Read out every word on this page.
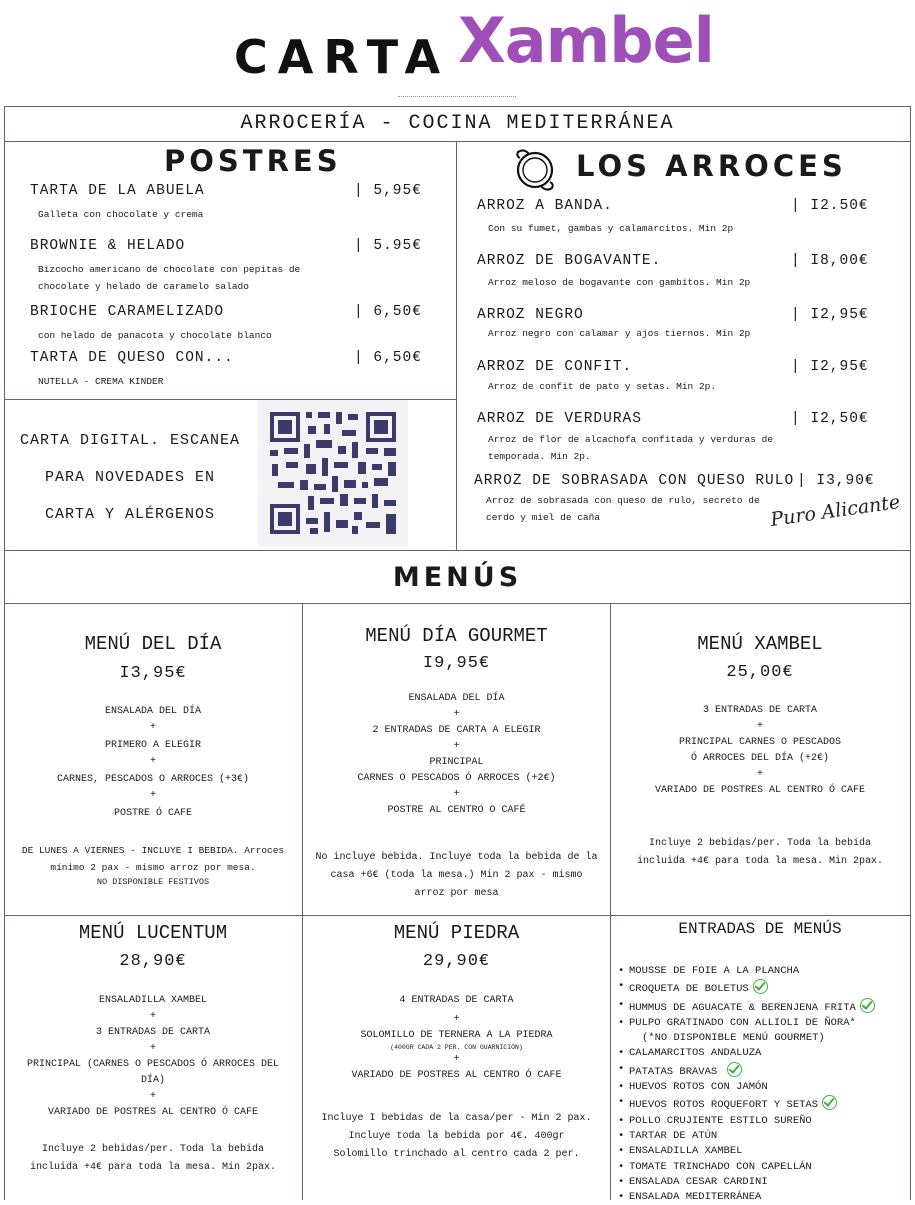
CARTA Xambel
ARROCERÍA - COCINA MEDITERRÁNEA
POSTRES
TARTA DE LA ABUELA	| 5,95€
Galleta con chocolate y crema
BROWNIE & HELADO	| 5.95€
Bizcocho americano de chocolate con pepitas de chocolate y helado de caramelo salado
BRIOCHE CARAMELIZADO	| 6,50€
con helado de panacota y chocolate blanco
TARTA DE QUESO CON...	| 6,50€
NUTELLA - CREMA KINDER
CARTA DIGITAL. ESCANEA
PARA NOVEDADES EN
CARTA Y ALÉRGENOS
LOS ARROCES
ARROZ A BANDA.	| I2.50€
Con su fumet, gambas y calamarcitos. Min 2p
ARROZ DE BOGAVANTE.	| I8,00€
Arroz meloso de bogavante con gambitos. Min 2p
ARROZ NEGRO	| I2,95€
Arroz negro con calamar y ajos tiernos. Min 2p
ARROZ DE CONFIT.	| I2,95€
Arroz de confit de pato y setas. Min 2p.
ARROZ DE VERDURAS	| I2,50€
Arroz de flor de alcachofa confitada y verduras de temporada. Min 2p.
ARROZ DE SOBRASADA CON QUESO RULO | I3,90€
Arroz de sobrasada con queso de rulo, secreto de cerdo y miel de caña	Puro Alicante
MENÚS
MENÚ DEL DÍA
I3,95€
ENSALADA DEL DÍA
+
PRIMERO A ELEGIR
+
CARNES, PESCADOS O ARROCES (+3€)
+
POSTRE Ó CAFE
DE LUNES A VIERNES - INCLUYE I BEBIDA. Arroces
mínimo 2 pax - mismo arroz por mesa.
NO DISPONIBLE FESTIVOS
MENÚ DÍA GOURMET
I9,95€
ENSALADA DEL DÍA
+
2 ENTRADAS DE CARTA A ELEGIR
+
PRINCIPAL
CARNES O PESCADOS Ó ARROCES (+2€)
+
POSTRE AL CENTRO O CAFÉ
No incluye bebida. Incluye toda la bebida de la
casa +6€ (toda la mesa.) Min 2 pax - mismo
arroz por mesa
MENÚ XAMBEL
25,00€
3 ENTRADAS DE CARTA
+
PRINCIPAL CARNES O PESCADOS
Ó ARROCES DEL DÍA (+2€)
+
VARIADO DE POSTRES AL CENTRO Ó CAFE
Incluye 2 bebidas/per. Toda la bebida
incluida +4€ para toda la mesa. Min 2pax.
MENÚ LUCENTUM
28,90€
ENSALADILLA XAMBEL
+
3 ENTRADAS DE CARTA
+
PRINCIPAL (CARNES O PESCADOS Ó ARROCES DEL
DÍA)
+
VARIADO DE POSTRES AL CENTRO Ó CAFE
Incluye 2 bebidas/per. Toda la bebida
incluida +4€ para toda la mesa. Min 2pax.
MENÚ PIEDRA
29,90€
4 ENTRADAS DE CARTA
+
SOLOMILLO DE TERNERA A LA PIEDRA
(400GR CADA 2 PER. CON GUARNICIÓN)
+
VARIADO DE POSTRES AL CENTRO Ó CAFE
Incluye I bebidas de la casa/per - Min 2 pax.
Incluye toda la bebida por 4€. 400gr
Solomillo trinchado al centro cada 2 per.
ENTRADAS DE MENÚS
• MOUSSE DE FOIE A LA PLANCHA
• CROQUETA DE BOLETUS
• HUMMUS DE AGUACATE & BERENJENA FRITA
• PULPO GRATINADO CON ALLIOLI DE ÑORA*
(*NO DISPONIBLE MENÚ GOURMET)
• CALAMARCITOS ANDALUZA
• PATATAS BRAVAS
• HUEVOS ROTOS CON JAMÓN
• HUEVOS ROTOS ROQUEFORT Y SETAS
• POLLO CRUJIENTE ESTILO SUREÑO
• TARTAR DE ATÚN
• ENSALADILLA XAMBEL
• TOMATE TRINCHADO CON CAPELLÁN
• ENSALADA CESAR CARDINI
• ENSALADA MEDITERRÁNEA
